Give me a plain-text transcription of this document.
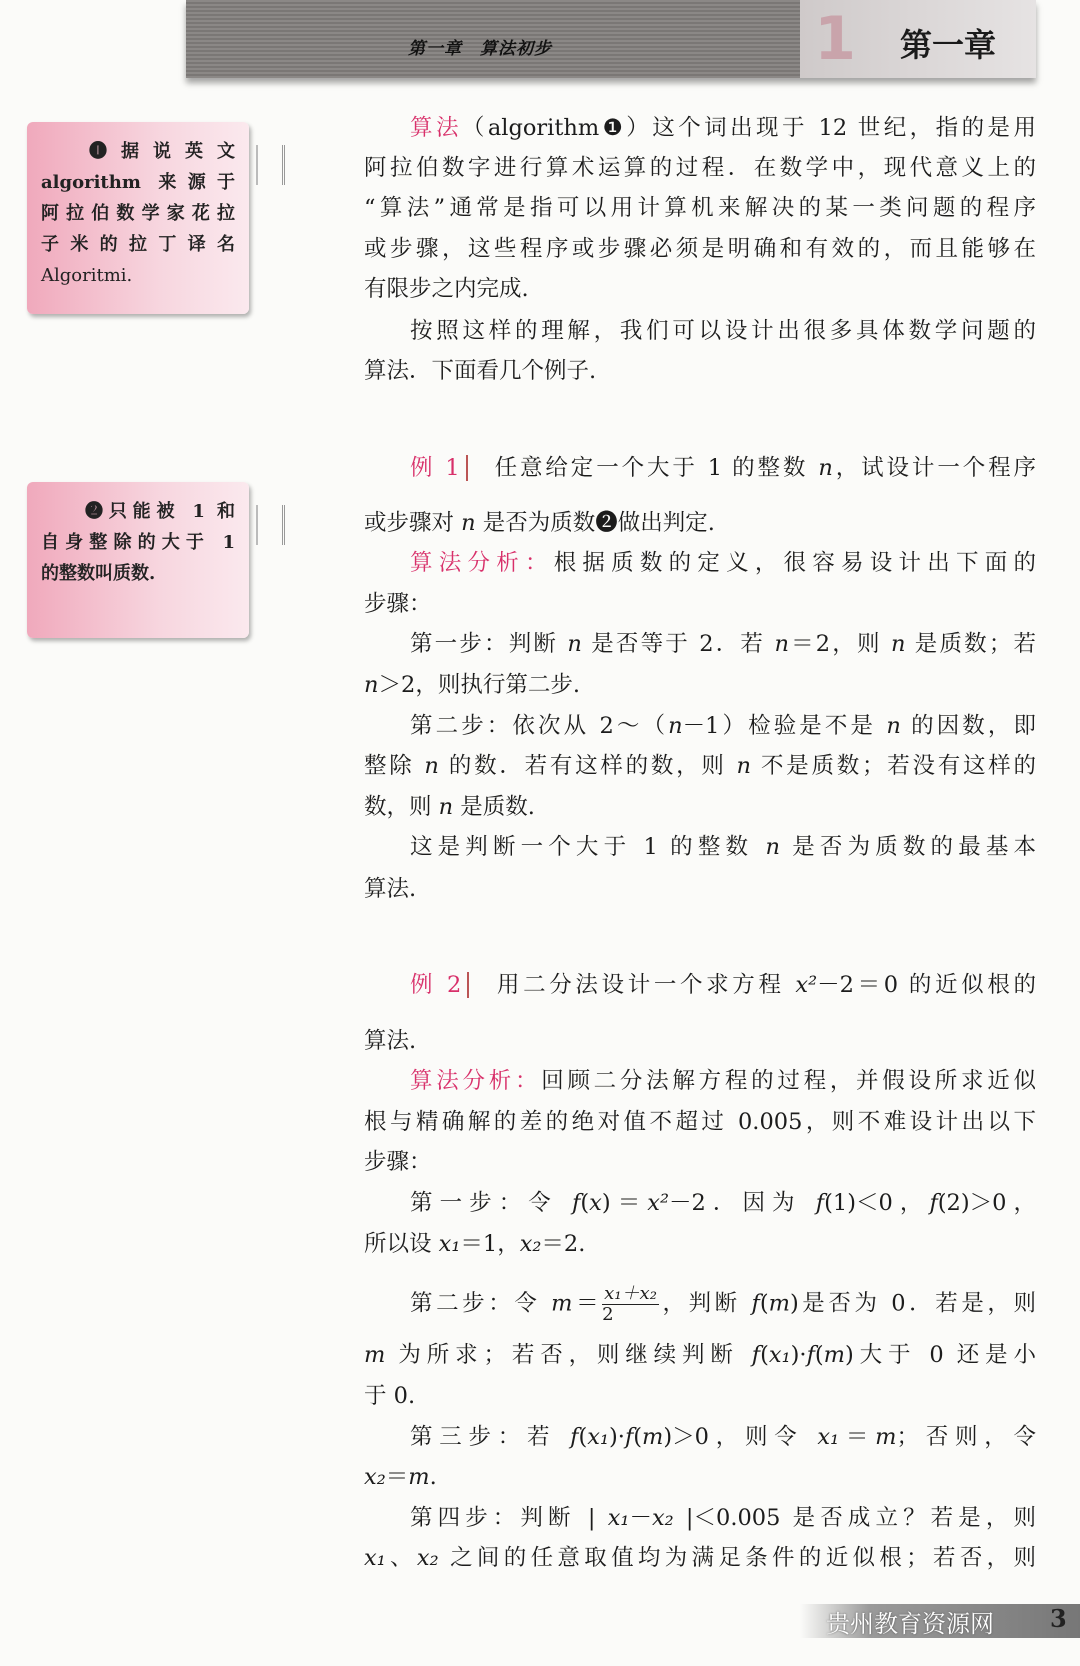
1
第一章　算法初步	第一章
❶据说英文
algorithm 来源于
阿拉伯数学家花拉
子米的拉丁译名
Algoritmi.
❷只能被 1 和
自身整除的大于 1
的整数叫质数.
算法（algorithm❶）这个词出现于 12 世纪，指的是用
阿拉伯数字进行算术运算的过程．在数学中，现代意义上的
“算法”通常是指可以用计算机来解决的某一类问题的程序
或步骤，这些程序或步骤必须是明确和有效的，而且能够在
有限步之内完成.
按照这样的理解，我们可以设计出很多具体数学问题的
算法．下面看几个例子.
例 1 任意给定一个大于 1 的整数 n，试设计一个程序
或步骤对 n 是否为质数❷做出判定.
算法分析：根据质数的定义，很容易设计出下面的
步骤：
第一步：判断 n 是否等于 2．若 n＝2，则 n 是质数；若
n＞2，则执行第二步.
第二步：依次从 2～（n－1）检验是不是 n 的因数，即
整除 n 的数．若有这样的数，则 n 不是质数；若没有这样的
数，则 n 是质数.
这是判断一个大于 1 的整数 n 是否为质数的最基本
算法.
例 2 用二分法设计一个求方程 x²－2＝0 的近似根的
算法.
算法分析：回顾二分法解方程的过程，并假设所求近似
根与精确解的差的绝对值不超过 0.005，则不难设计出以下
步骤：
第一步：令 f(x)＝x²－2．因为 f(1)＜0，f(2)＞0，
所以设 x₁＝1，x₂＝2.
第二步：令 $m= \frac{\text{x₁＋x₂}}{2}$ ，判断 f(m)是否为 0．若是，则
m 为所求；若否，则继续判断 f(x₁)·f(m)大于 0 还是小
于 0.
第三步：若 f(x₁)·f(m)＞0，则令 x₁＝m；否则，令
x₂＝m.
第四步：判断 | x₁－x₂ |＜0.005 是否成立？若是，则
x₁、x₂ 之间的任意取值均为满足条件的近似根；若否，则
贵州教育资源网 3
